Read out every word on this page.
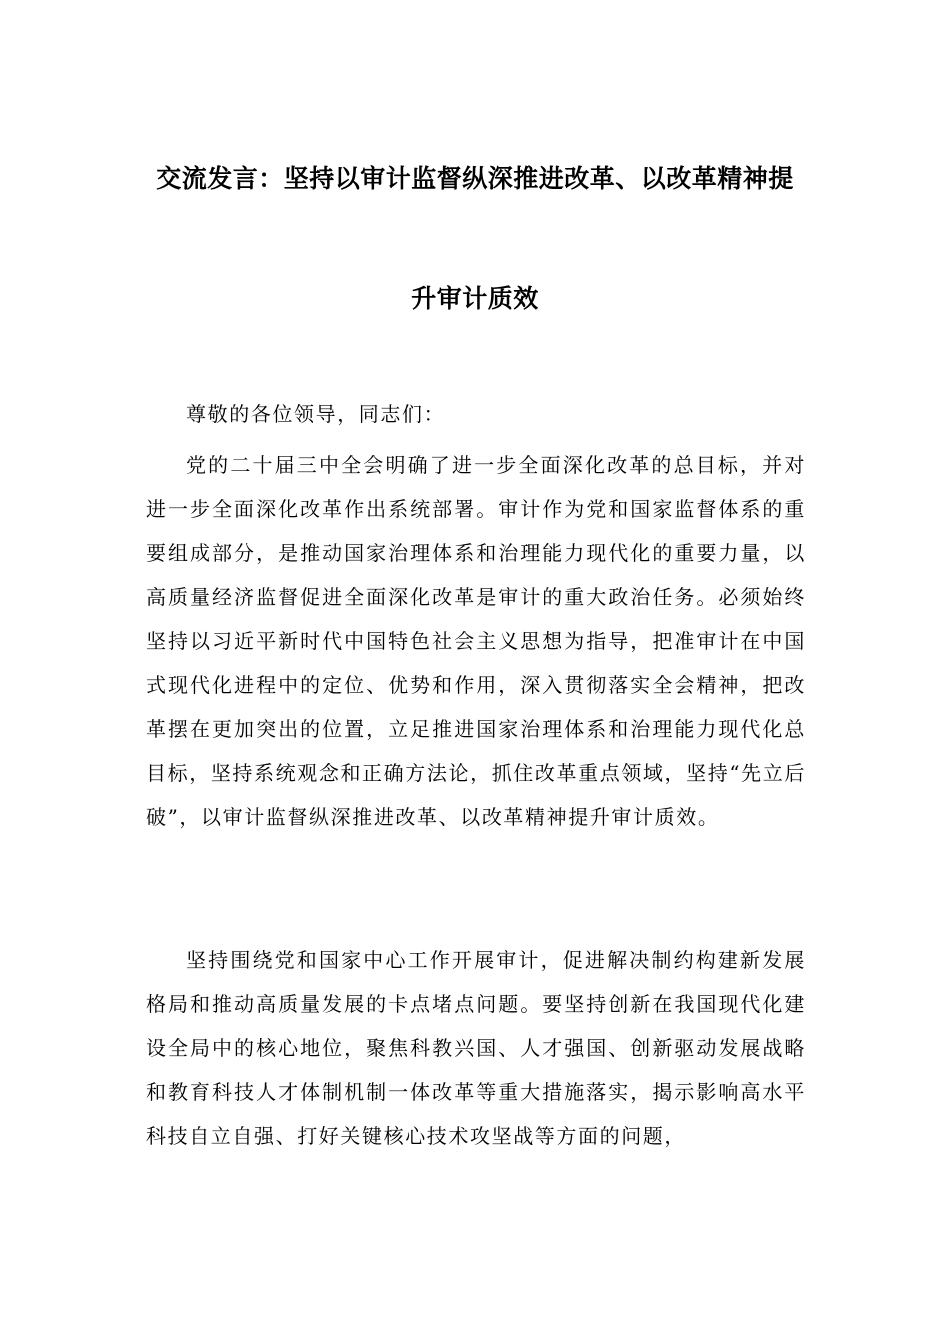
交流发言：坚持以审计监督纵深推进改革、以改革精神提
升审计质效

尊敬的各位领导，同志们：

党的二十届三中全会明确了进一步全面深化改革的总目标，并对进一步全面深化改革作出系统部署。审计作为党和国家监督体系的重要组成部分，是推动国家治理体系和治理能力现代化的重要力量，以高质量经济监督促进全面深化改革是审计的重大政治任务。必须始终坚持以习近平新时代中国特色社会主义思想为指导，把准审计在中国式现代化进程中的定位、优势和作用，深入贯彻落实全会精神，把改革摆在更加突出的位置，立足推进国家治理体系和治理能力现代化总目标，坚持系统观念和正确方法论，抓住改革重点领域，坚持“先立后破”，以审计监督纵深推进改革、以改革精神提升审计质效。

坚持围绕党和国家中心工作开展审计，促进解决制约构建新发展格局和推动高质量发展的卡点堵点问题。要坚持创新在我国现代化建设全局中的核心地位，聚焦科教兴国、人才强国、创新驱动发展战略和教育科技人才体制机制一体改革等重大措施落实，揭示影响高水平科技自立自强、打好关键核心技术攻坚战等方面的问题，
